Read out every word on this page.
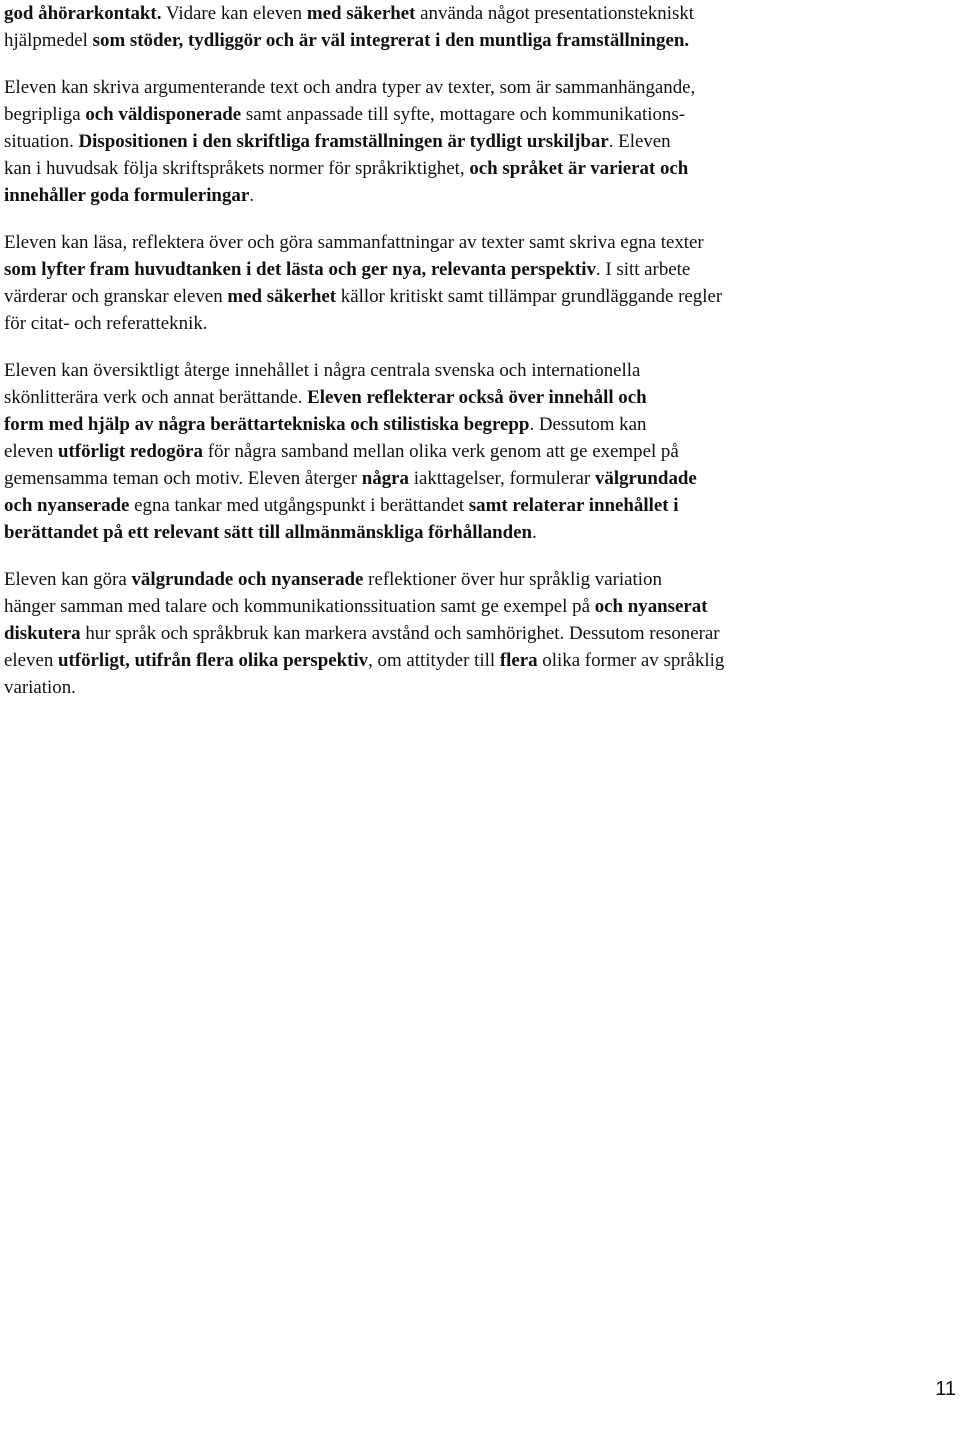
god åhörarkontakt. Vidare kan eleven med säkerhet använda något presentationstekniskt
hjälpmedel som stöder, tydliggör och är väl integrerat i den muntliga framställningen.

Eleven kan skriva argumenterande text och andra typer av texter, som är sammanhängande,
begripliga och väldisponerade samt anpassade till syfte, mottagare och kommunikations-
situation. Dispositionen i den skriftliga framställningen är tydligt urskiljbar. Eleven
kan i huvudsak följa skriftspråkets normer för språkriktighet, och språket är varierat och
innehåller goda formuleringar.

Eleven kan läsa, reflektera över och göra sammanfattningar av texter samt skriva egna texter
som lyfter fram huvudtanken i det lästa och ger nya, relevanta perspektiv. I sitt arbete
värderar och granskar eleven med säkerhet källor kritiskt samt tillämpar grundläggande regler
för citat- och referatteknik.

Eleven kan översiktligt återge innehållet i några centrala svenska och internationella
skönlitterära verk och annat berättande. Eleven reflekterar också över innehåll och
form med hjälp av några berättartekniska och stilistiska begrepp. Dessutom kan
eleven utförligt redogöra för några samband mellan olika verk genom att ge exempel på
gemensamma teman och motiv. Eleven återger några iakttagelser, formulerar välgrundade
och nyanserade egna tankar med utgångspunkt i berättandet samt relaterar innehållet i
berättandet på ett relevant sätt till allmänmänskliga förhållanden.

Eleven kan göra välgrundade och nyanserade reflektioner över hur språklig variation
hänger samman med talare och kommunikationssituation samt ge exempel på och nyanserat
diskutera hur språk och språkbruk kan markera avstånd och samhörighet. Dessutom resonerar
eleven utförligt, utifrån flera olika perspektiv, om attityder till flera olika former av språklig
variation.

11
